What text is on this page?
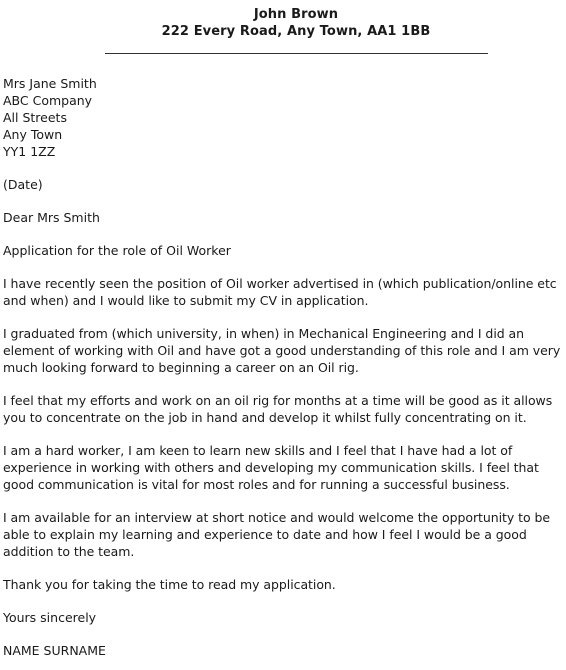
John Brown
222 Every Road, Any Town, AA1 1BB
Mrs Jane Smith
ABC Company
All Streets
Any Town
YY1 1ZZ
(Date)
Dear Mrs Smith
Application for the role of Oil Worker

I have recently seen the position of Oil worker advertised in (which publication/online etc and when) and I would like to submit my CV in application.

I graduated from (which university, in when) in Mechanical Engineering and I did an element of working with Oil and have got a good understanding of this role and I am very much looking forward to beginning a career on an Oil rig.

I feel that my efforts and work on an oil rig for months at a time will be good as it allows you to concentrate on the job in hand and develop it whilst fully concentrating on it.

I am a hard worker, I am keen to learn new skills and I feel that I have had a lot of experience in working with others and developing my communication skills. I feel that good communication is vital for most roles and for running a successful business.

I am available for an interview at short notice and would welcome the opportunity to be able to explain my learning and experience to date and how I feel I would be a good addition to the team.

Thank you for taking the time to read my application.

Yours sincerely
NAME SURNAME
